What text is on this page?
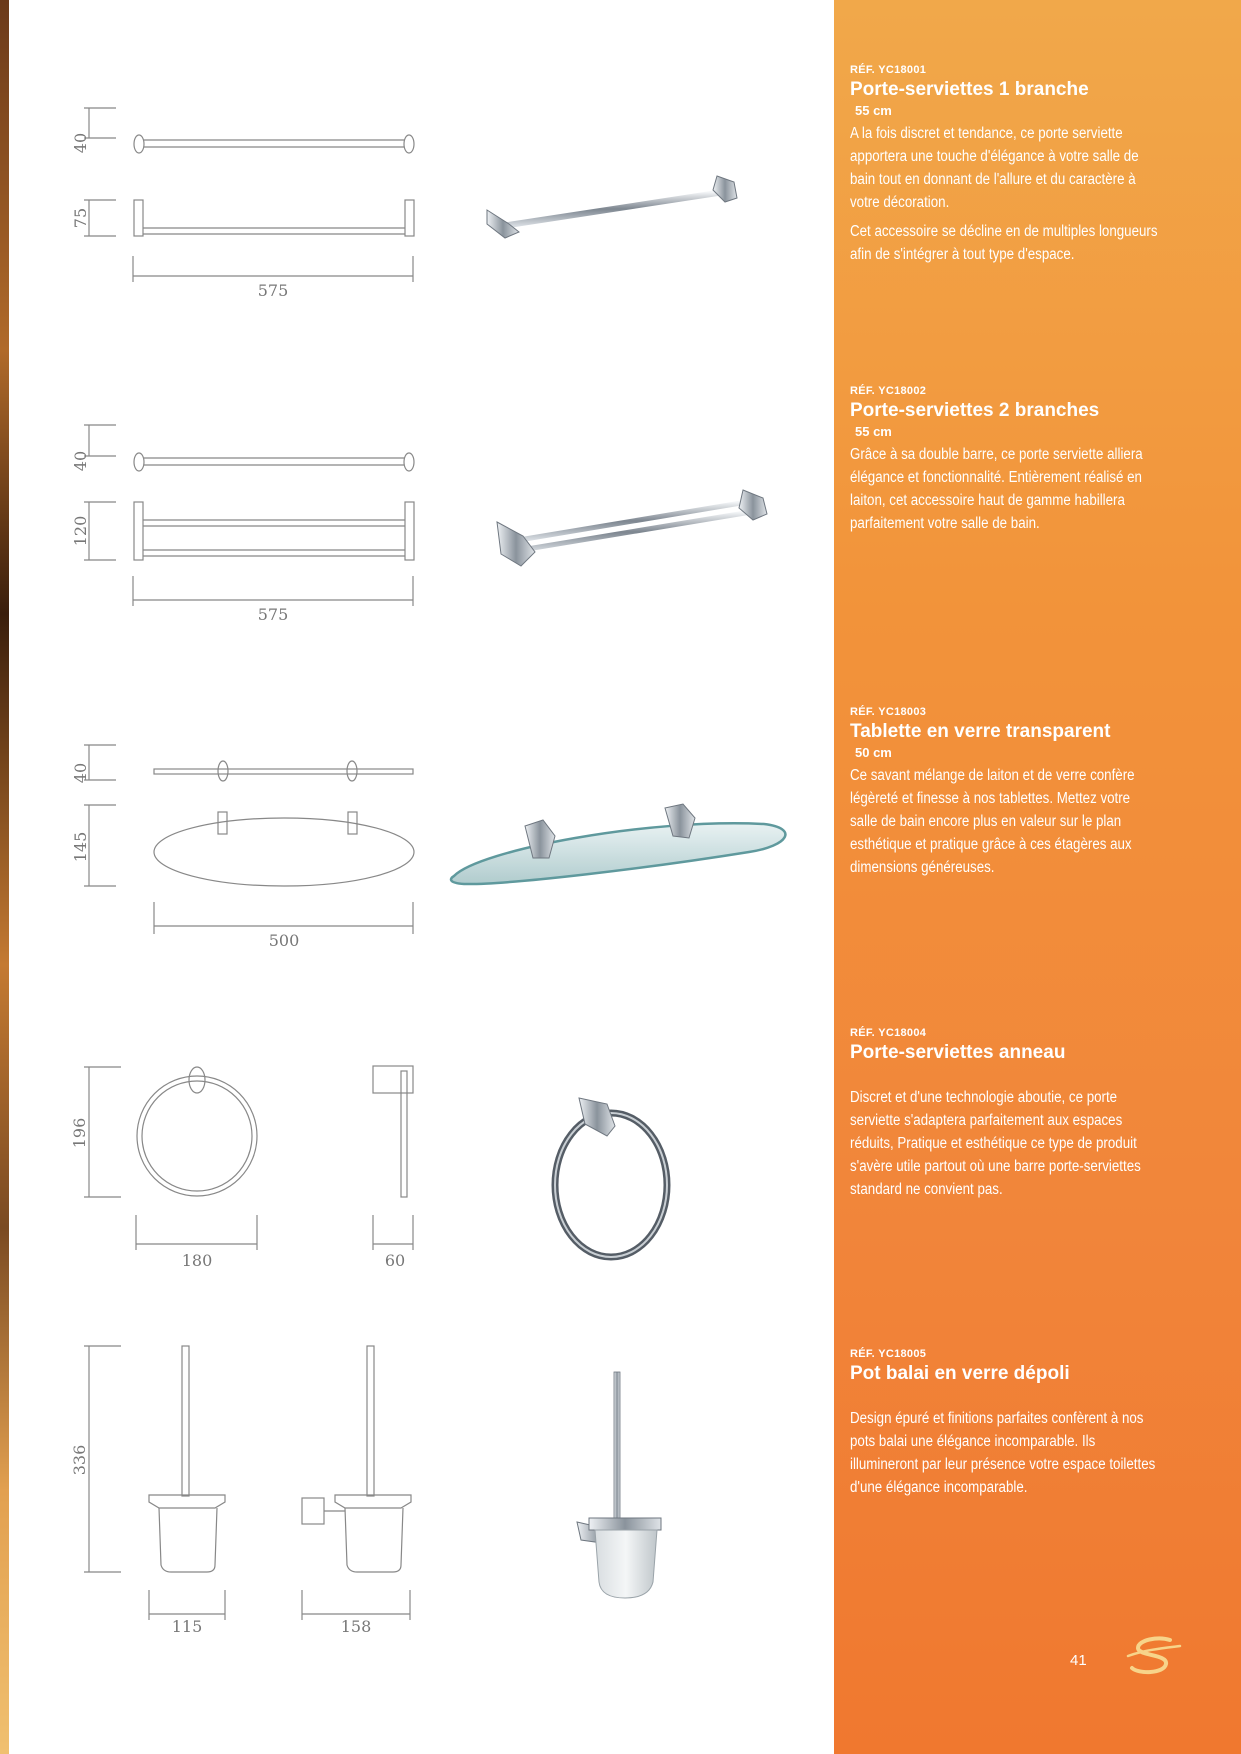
40
75
575
40
120
575
40
145
500
196
180	60
336
115	158
RÉF. YC18001
Porte-serviettes 1 branche
55 cm

A la fois discret et tendance, ce porte serviette apportera une touche d'élégance à votre salle de bain tout en donnant de l'allure et du caractère à votre décoration.

Cet accessoire se décline en de multiples longueurs afin de s'intégrer à tout type d'espace.

RÉF. YC18002
Porte-serviettes 2 branches
55 cm

Grâce à sa double barre, ce porte serviette alliera élégance et fonctionnalité. Entièrement réalisé en laiton, cet accessoire haut de gamme habillera parfaitement votre salle de bain.

RÉF. YC18003
Tablette en verre transparent
50 cm

Ce savant mélange de laiton et de verre confère légèreté et finesse à nos tablettes. Mettez votre salle de bain encore plus en valeur sur le plan esthétique et pratique grâce à ces étagères aux dimensions généreuses.

RÉF. YC18004
Porte-serviettes anneau

Discret et d'une technologie aboutie, ce porte serviette s'adaptera parfaitement aux espaces réduits, Pratique et esthétique ce type de produit s'avère utile partout où une barre porte-serviettes standard ne convient pas.

RÉF. YC18005
Pot balai en verre dépoli

Design épuré et finitions parfaites confèrent à nos pots balai une élégance incomparable. Ils illumineront par leur présence votre espace toilettes d'une élégance incomparable.

41
